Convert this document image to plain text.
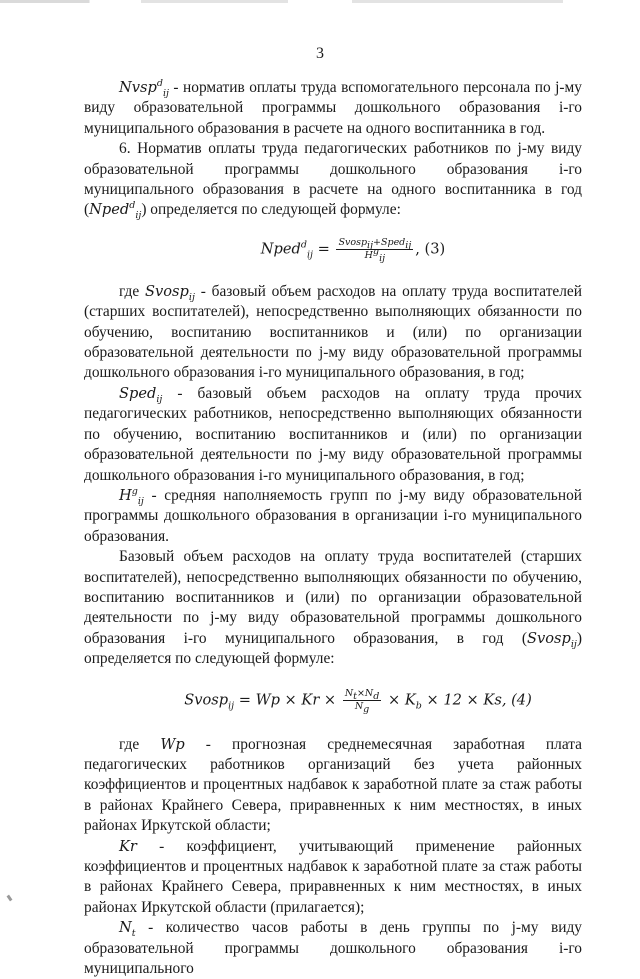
3

Nvsp$^d_{ij}$ - норматив оплаты труда вспомогательного персонала по j-му виду образовательной программы дошкольного образования i-го муниципального образования в расчете на одного воспитанника в год.

6. Норматив оплаты труда педагогических работников по j-му виду образовательной программы дошкольного образования i-го муниципального образования в расчете на одного воспитанника в год (Nped$^d_{ij}$) определяется по следующей формуле:

Nped$^d_{ij}$ = $\frac{Svosp_{ij}+Sped_{ij}}{H^g_{ij}}$ , (3)

где Svosp$_{ij}$ - базовый объем расходов на оплату труда воспитателей (старших воспитателей), непосредственно выполняющих обязанности по обучению, воспитанию воспитанников и (или) по организации образовательной деятельности по j-му виду образовательной программы дошкольного образования i-го муниципального образования, в год;

Sped$_{ij}$ - базовый объем расходов на оплату труда прочих педагогических работников, непосредственно выполняющих обязанности по обучению, воспитанию воспитанников и (или) по организации образовательной деятельности по j-му виду образовательной программы дошкольного образования i-го муниципального образования, в год;

$H^g_{ij}$ - средняя наполняемость групп по j-му виду образовательной программы дошкольного образования в организации i-го муниципального образования.

Базовый объем расходов на оплату труда воспитателей (старших воспитателей), непосредственно выполняющих обязанности по обучению, воспитанию воспитанников и (или) по организации образовательной деятельности по j-му виду образовательной программы дошкольного образования i-го муниципального образования, в год (Svosp$_{ij}$) определяется по следующей формуле:

Svosp$_{ij}$ = $Wp \times Kr \times \frac{N_t\times N_d}{N_g} \times K_b \times 12 \times Ks$, (4)

где Wp - прогнозная среднемесячная заработная плата педагогических работников организаций без учета районных коэффициентов и процентных надбавок к заработной плате за стаж работы в районах Крайнего Севера, приравненных к ним местностях, в иных районах Иркутской области;

Kr - коэффициент, учитывающий применение районных коэффициентов и процентных надбавок к заработной плате за стаж работы в районах Крайнего Севера, приравненных к ним местностях, в иных районах Иркутской области (прилагается);

$N_t$ - количество часов работы в день группы по j-му виду образовательной программы дошкольного образования i-го муниципального
